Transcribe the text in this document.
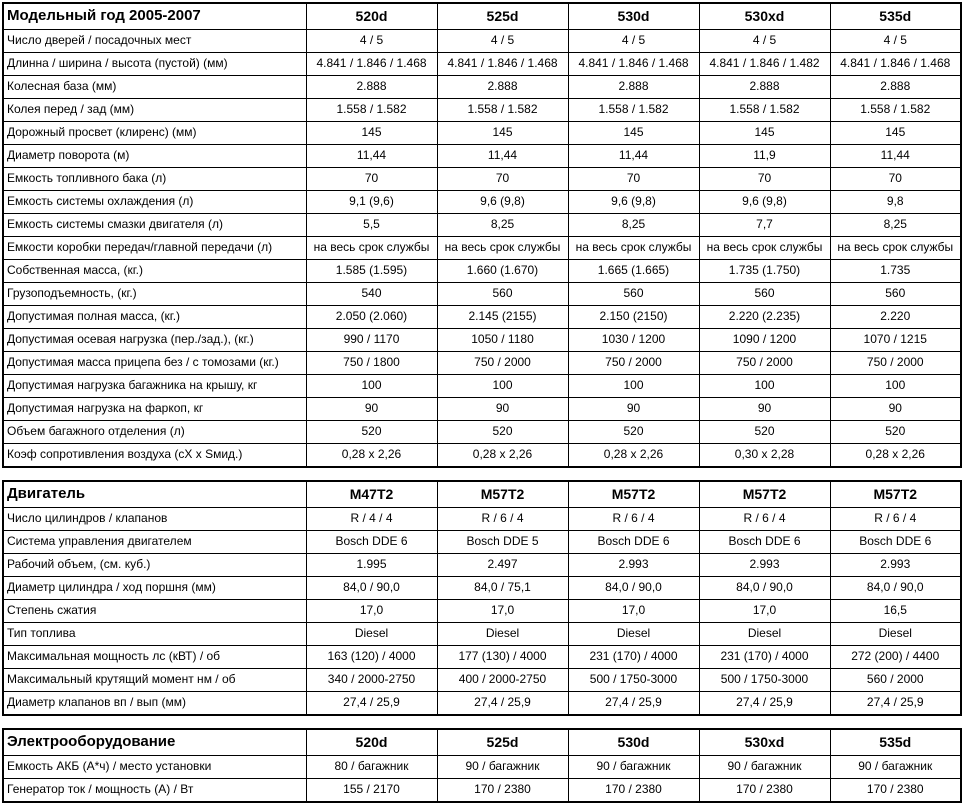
Модельный год 2005-2007	520d	525d	530d	530xd	535d
Число дверей / посадочных мест	4 / 5	4 / 5	4 / 5	4 / 5	4 / 5
Длинна / ширина / высота (пустой) (мм)	4.841 / 1.846 / 1.468	4.841 / 1.846 / 1.468	4.841 / 1.846 / 1.468	4.841 / 1.846 / 1.482	4.841 / 1.846 / 1.468
Колесная база (мм)	2.888	2.888	2.888	2.888	2.888
Колея перед / зад (мм)	1.558 / 1.582	1.558 / 1.582	1.558 / 1.582	1.558 / 1.582	1.558 / 1.582
Дорожный просвет (клиренс) (мм)	145	145	145	145	145
Диаметр поворота (м)	11,44	11,44	11,44	11,9	11,44
Емкость топливного бака (л)	70	70	70	70	70
Емкость системы охлаждения (л)	9,1 (9,6)	9,6 (9,8)	9,6 (9,8)	9,6 (9,8)	9,8
Емкость системы смазки двигателя (л)	5,5	8,25	8,25	7,7	8,25
Емкости коробки передач/главной передачи (л)	на весь срок службы	на весь срок службы	на весь срок службы	на весь срок службы	на весь срок службы
Собственная масса, (кг.)	1.585 (1.595)	1.660 (1.670)	1.665 (1.665)	1.735 (1.750)	1.735
Грузоподъемность, (кг.)	540	560	560	560	560
Допустимая полная масса, (кг.)	2.050 (2.060)	2.145 (2155)	2.150 (2150)	2.220 (2.235)	2.220
Допустимая осевая нагрузка (пер./зад.), (кг.)	990 / 1170	1050 / 1180	1030 / 1200	1090 / 1200	1070 / 1215
Допустимая масса прицепа без / с томозами (кг.)	750 / 1800	750 / 2000	750 / 2000	750 / 2000	750 / 2000
Допустимая нагрузка багажника на крышу, кг	100	100	100	100	100
Допустимая нагрузка на фаркоп, кг	90	90	90	90	90
Объем багажного отделения (л)	520	520	520	520	520
Коэф сопротивления воздуха (cX x Sмид.)	0,28 x 2,26	0,28 x 2,26	0,28 x 2,26	0,30 x 2,28	0,28 x 2,26
Двигатель	M47T2	M57T2	M57T2	M57T2	M57T2
Число цилиндров / клапанов	R / 4 / 4	R / 6 / 4	R / 6 / 4	R / 6 / 4	R / 6 / 4
Система управления двигателем	Bosch DDE 6	Bosch DDE 5	Bosch DDE 6	Bosch DDE 6	Bosch DDE 6
Рабочий объем, (см. куб.)	1.995	2.497	2.993	2.993	2.993
Диаметр цилиндра / ход поршня (мм)	84,0 / 90,0	84,0 / 75,1	84,0 / 90,0	84,0 / 90,0	84,0 / 90,0
Степень сжатия	17,0	17,0	17,0	17,0	16,5
Тип топлива	Diesel	Diesel	Diesel	Diesel	Diesel
Максимальная мощность лс (кВТ) / об	163 (120) / 4000	177 (130) / 4000	231 (170) / 4000	231 (170) / 4000	272 (200) / 4400
Максимальный крутящий момент нм / об	340 / 2000-2750	400 / 2000-2750	500 / 1750-3000	500 / 1750-3000	560 / 2000
Диаметр клапанов вп / вып (мм)	27,4 / 25,9	27,4 / 25,9	27,4 / 25,9	27,4 / 25,9	27,4 / 25,9
Электрооборудование	520d	525d	530d	530xd	535d
Емкость АКБ (А*ч) / место установки	80 / багажник	90 / багажник	90 / багажник	90 / багажник	90 / багажник
Генератор ток / мощность (А) / Вт	155 / 2170	170 / 2380	170 / 2380	170 / 2380	170 / 2380
